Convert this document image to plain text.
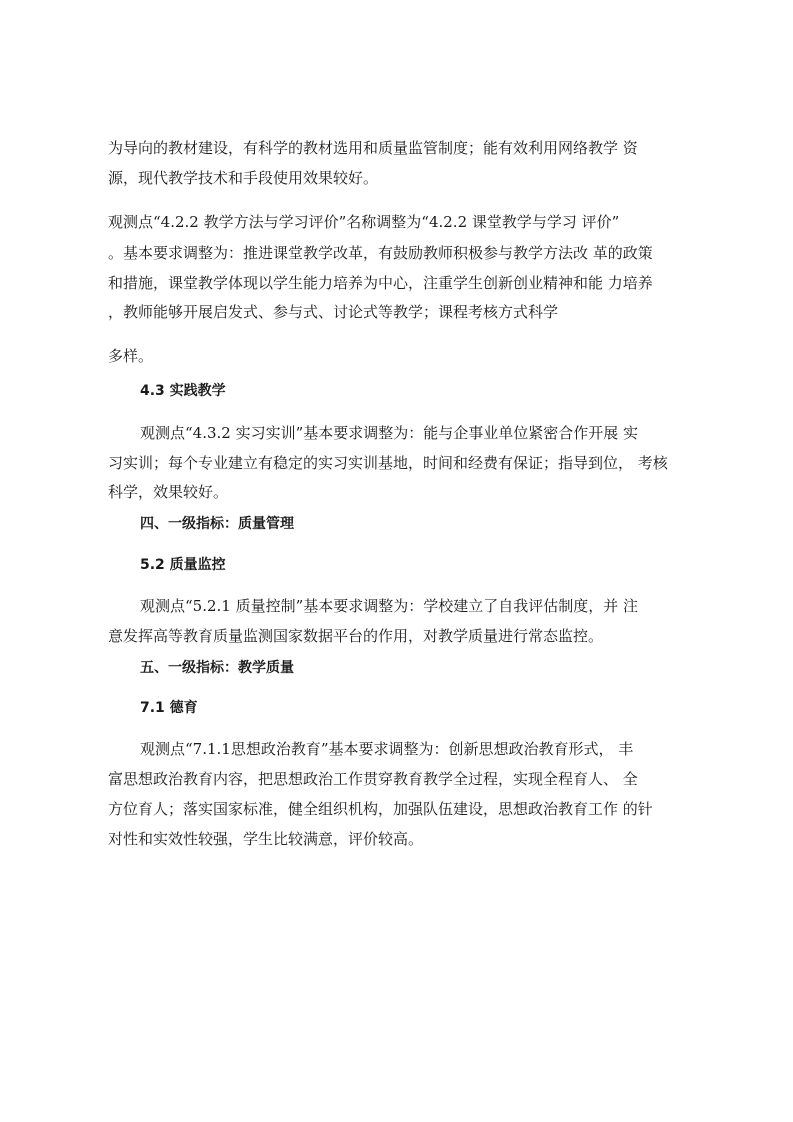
为导向的教材建设，有科学的教材选用和质量监管制度；能有效利用网络教学 资

源，现代教学技术和手段使用效果较好。

观测点“4.2.2 教学方法与学习评价”名称调整为“4.2.2 课堂教学与学习 评价”

。基本要求调整为：推进课堂教学改革，有鼓励教师积极参与教学方法改 革的政策

和措施，课堂教学体现以学生能力培养为中心，注重学生创新创业精神和能 力培养

，教师能够开展启发式、参与式、讨论式等教学；课程考核方式科学

多样。

4.3 实践教学

观测点“4.3.2 实习实训”基本要求调整为：能与企事业单位紧密合作开展 实

习实训；每个专业建立有稳定的实习实训基地，时间和经费有保证；指导到位， 考核

科学，效果较好。

四、一级指标：质量管理
5.2 质量监控

观测点“5.2.1 质量控制”基本要求调整为：学校建立了自我评估制度，并 注

意发挥高等教育质量监测国家数据平台的作用，对教学质量进行常态监控。

五、一级指标：教学质量
7.1 德育

观测点“7.1.1思想政治教育”基本要求调整为：创新思想政治教育形式， 丰

富思想政治教育内容，把思想政治工作贯穿教育教学全过程，实现全程育人、 全

方位育人；落实国家标准，健全组织机构，加强队伍建设，思想政治教育工作 的针

对性和实效性较强，学生比较满意，评价较高。
